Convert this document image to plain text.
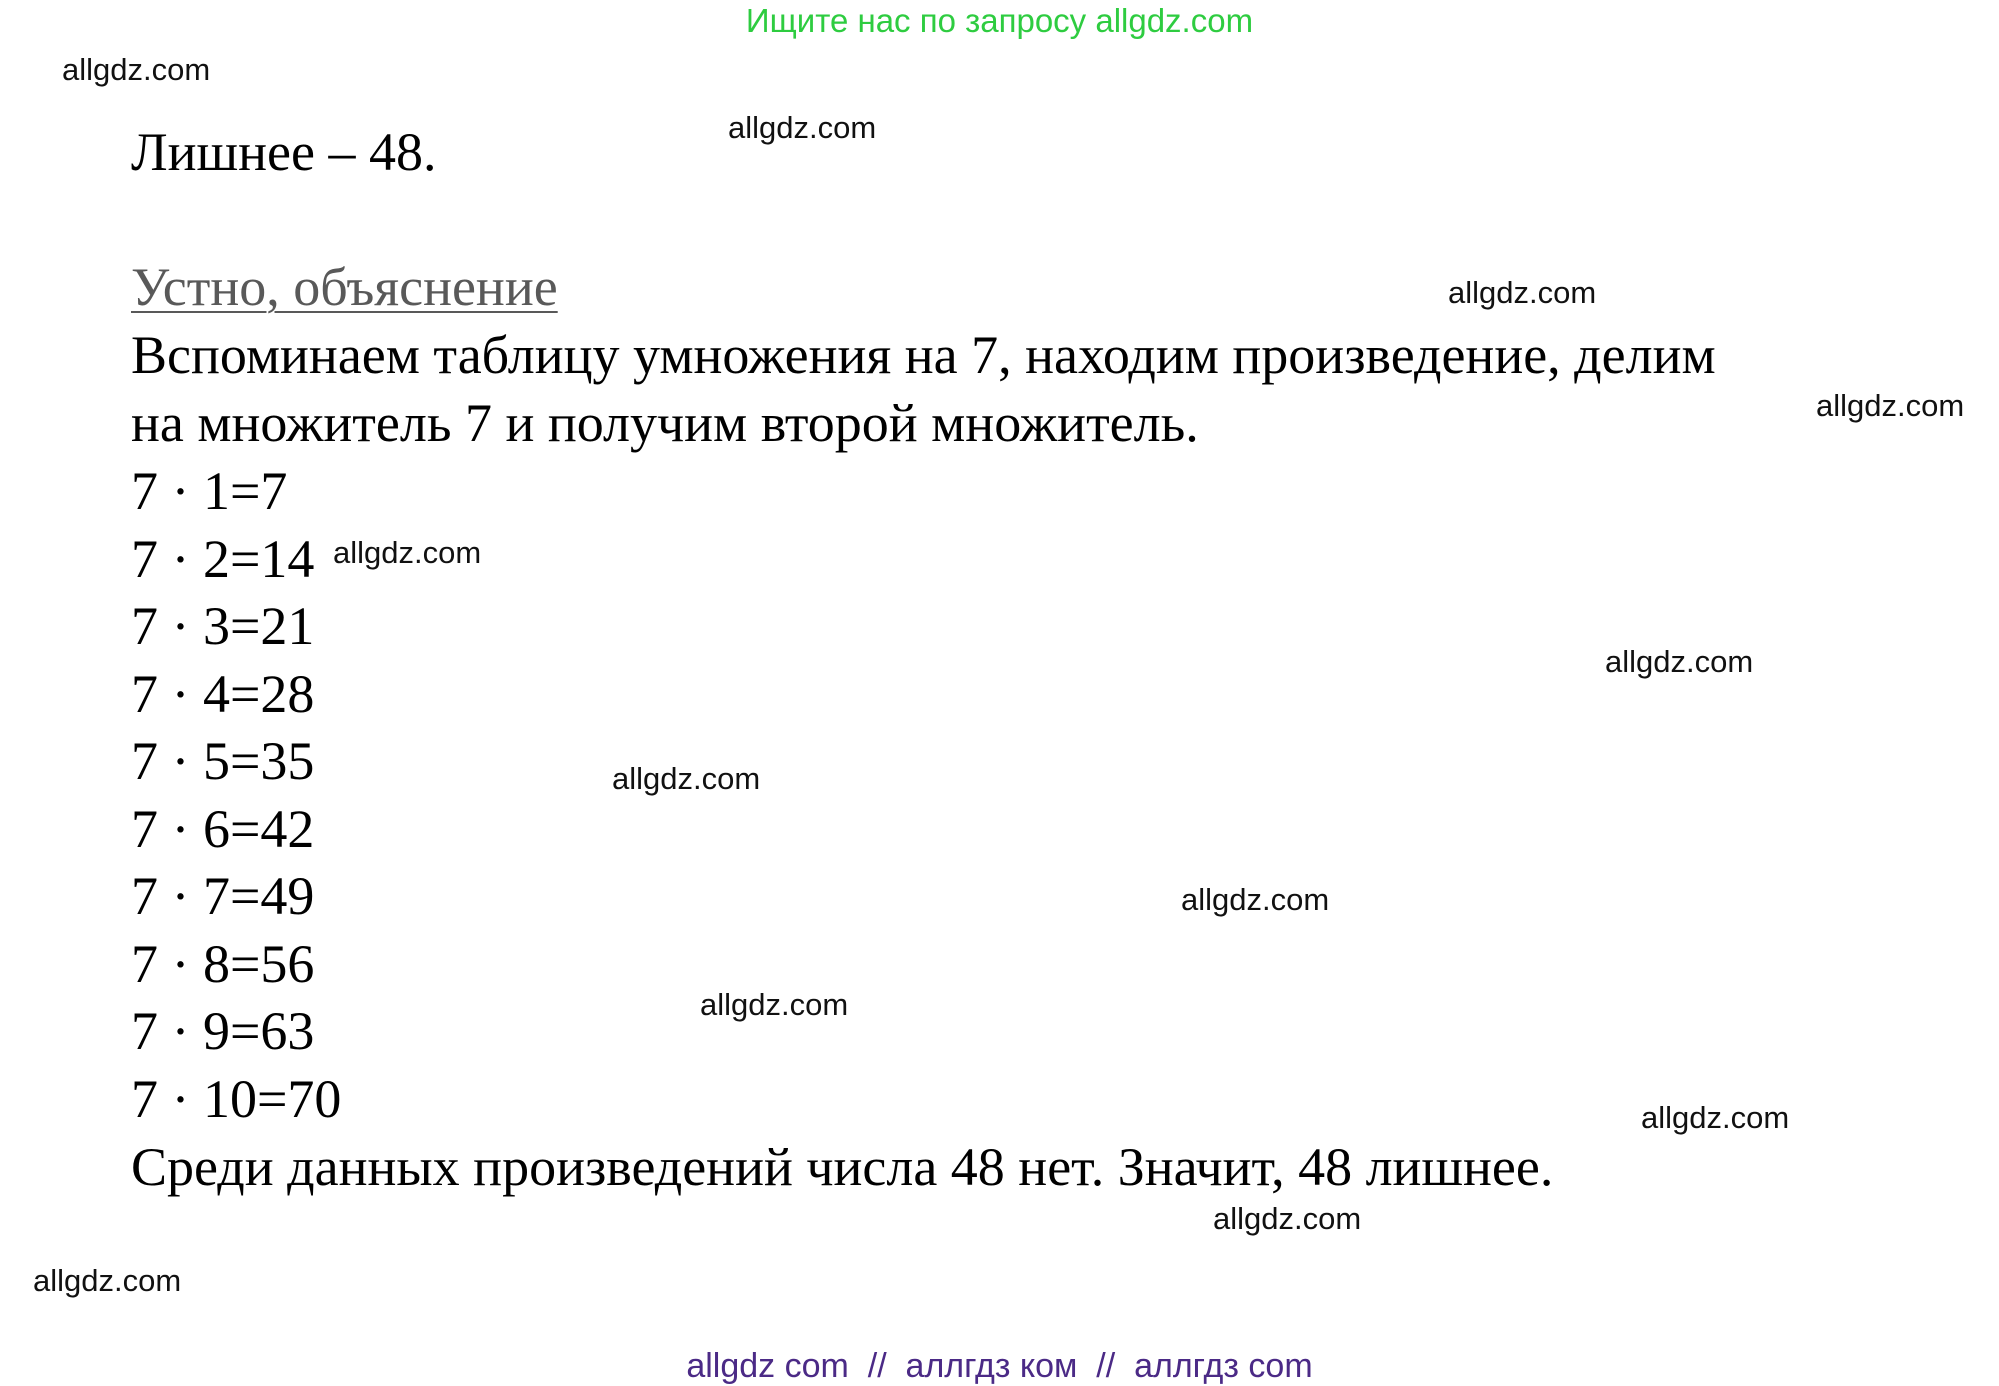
Ищите нас по запросу allgdz.com
allgdz.com
allgdz.com
allgdz.com
allgdz.com
allgdz.com
allgdz.com
allgdz.com
allgdz.com
allgdz.com
allgdz.com
allgdz.com
allgdz.com
Лишнее – 48.
Устно, объяснение
Вспоминаем таблицу умножения на 7, находим произведение, делим
на множитель 7 и получим второй множитель.
7 · 1=7
7 · 2=14
7 · 3=21
7 · 4=28
7 · 5=35
7 · 6=42
7 · 7=49
7 · 8=56
7 · 9=63
7 · 10=70
Среди данных произведений числа 48 нет. Значит, 48 лишнее.
allgdz com  //  аллгдз ком  //  аллгдз com
